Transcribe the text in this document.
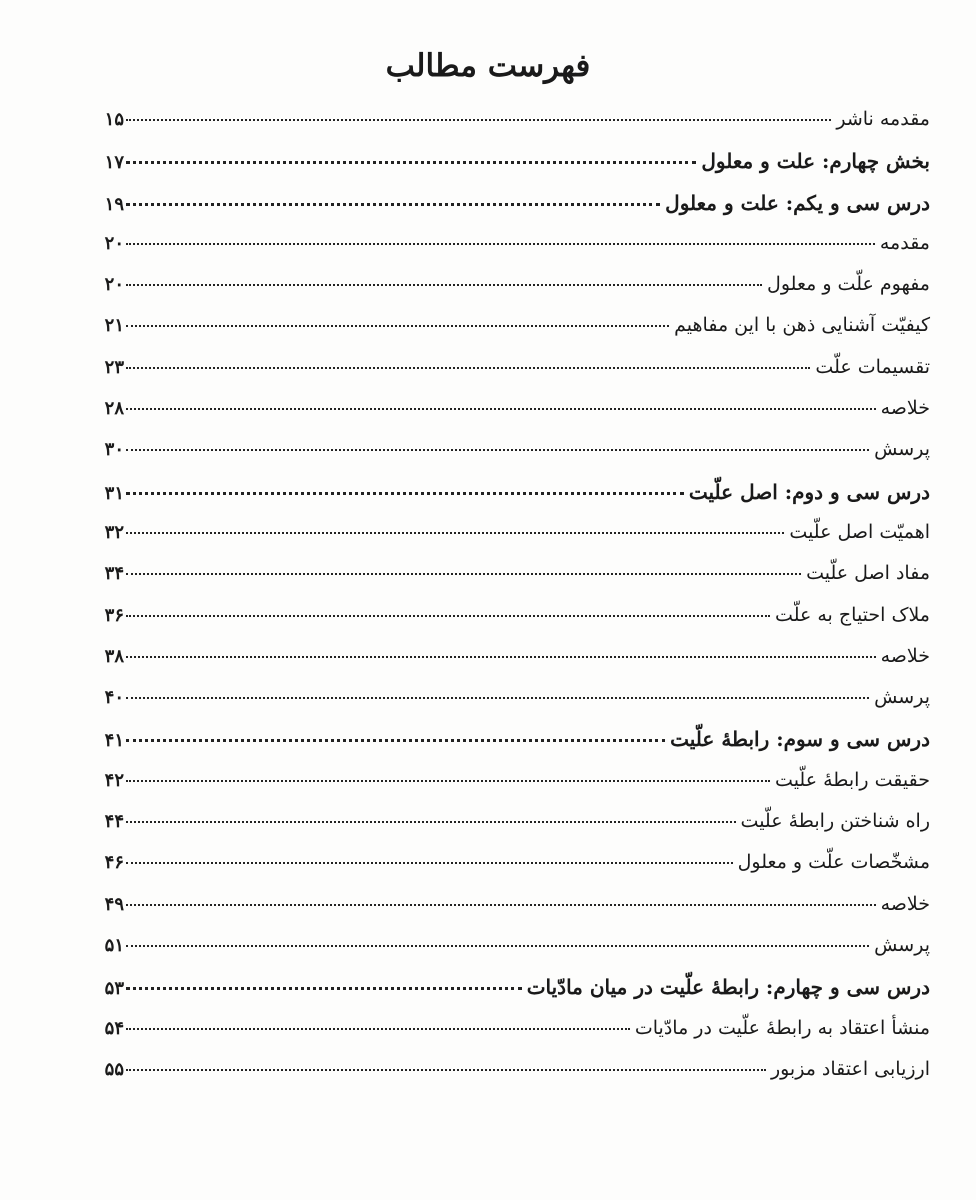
فهرست مطالب
مقدمه ناشر
۱۵
بخش چهارم: علت و معلول
۱۷
درس سی و یکم: علت و معلول
۱۹
مقدمه
۲۰
مفهوم علّت و معلول
۲۰
کیفیّت آشنایی ذهن با این مفاهیم
۲۱
تقسیمات علّت
۲۳
خلاصه
۲۸
پرسش
۳۰
درس سی و دوم: اصل علّیت
۳۱
اهمیّت اصل علّیت
۳۲
مفاد اصل علّیت
۳۴
ملاک احتیاج به علّت
۳۶
خلاصه
۳۸
پرسش
۴۰
درس سی و سوم: رابطهٔ علّیت
۴۱
حقیقت رابطهٔ علّیت
۴۲
راه شناختن رابطهٔ علّیت
۴۴
مشخّصات علّت و معلول
۴۶
خلاصه
۴۹
پرسش
۵۱
درس سی و چهارم: رابطهٔ علّیت در میان مادّیات
۵۳
منشأ اعتقاد به رابطهٔ علّیت در مادّیات
۵۴
ارزیابی اعتقاد مزبور
۵۵
